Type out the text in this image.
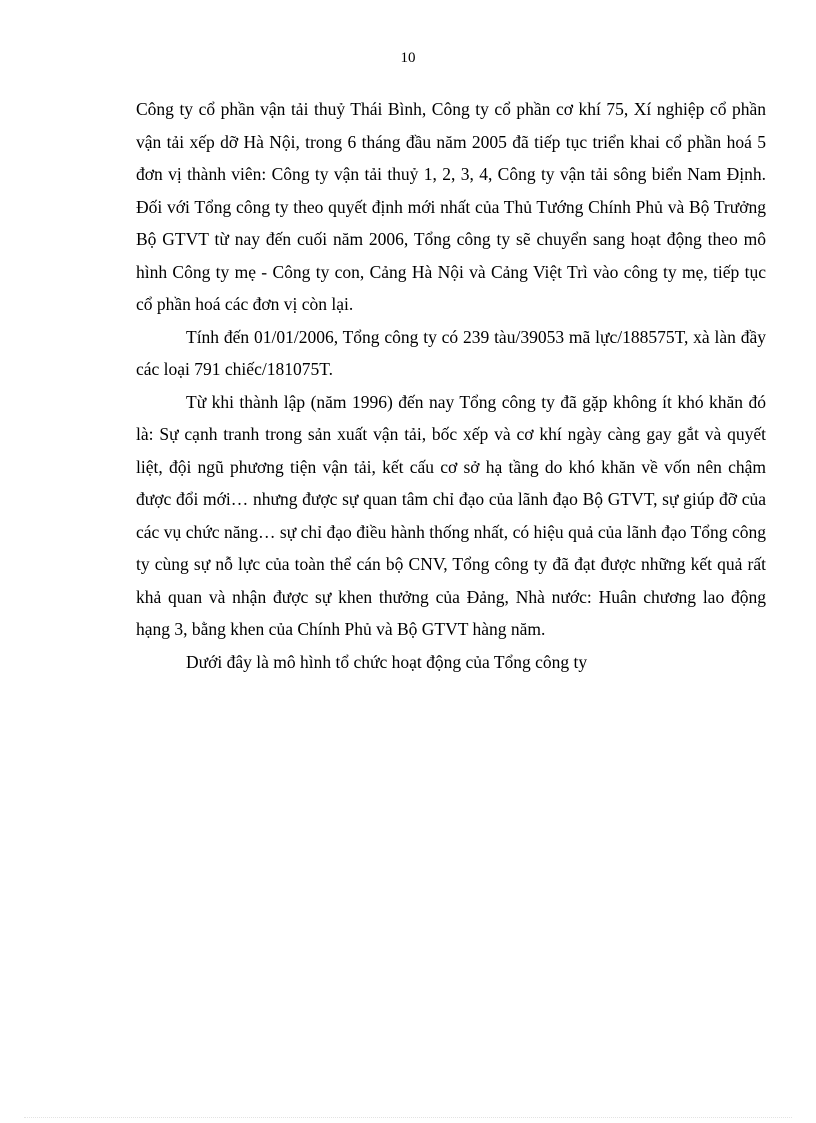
10

Công ty cổ phần vận tải thuỷ Thái Bình, Công ty cổ phần cơ khí 75, Xí nghiệp cổ phần vận tải xếp dỡ Hà Nội, trong 6 tháng đầu năm 2005 đã tiếp tục triển khai cổ phần hoá 5 đơn vị thành viên: Công ty vận tải thuỷ 1, 2, 3, 4, Công ty vận tải sông biển Nam Định. Đối với Tổng công ty theo quyết định mới nhất của Thủ Tướng Chính Phủ và Bộ Trưởng Bộ GTVT từ nay đến cuối năm 2006, Tổng công ty sẽ chuyển sang hoạt động theo mô hình Công ty mẹ - Công ty con, Cảng Hà Nội và Cảng Việt Trì vào công ty mẹ, tiếp tục cổ phần hoá các đơn vị còn lại.

Tính đến 01/01/2006, Tổng công ty có 239 tàu/39053 mã lực/188575T, xà làn đầy các loại 791 chiếc/181075T.

Từ khi thành lập (năm 1996) đến nay Tổng công ty đã gặp không ít khó khăn đó là: Sự cạnh tranh trong sản xuất vận tải, bốc xếp và cơ khí ngày càng gay gắt và quyết liệt, đội ngũ phương tiện vận tải, kết cấu cơ sở hạ tầng do khó khăn về vốn nên chậm được đổi mới… nhưng được sự quan tâm chỉ đạo của lãnh đạo Bộ GTVT, sự giúp đỡ của các vụ chức năng… sự chỉ đạo điều hành thống nhất, có hiệu quả của lãnh đạo Tổng công ty cùng sự nỗ lực của toàn thể cán bộ CNV, Tổng công ty đã đạt được những kết quả rất khả quan và nhận được sự khen thưởng của Đảng, Nhà nước: Huân chương lao động hạng 3, bằng khen của Chính Phủ và Bộ GTVT hàng năm.

Dưới đây là mô hình tổ chức hoạt động của Tổng công ty
